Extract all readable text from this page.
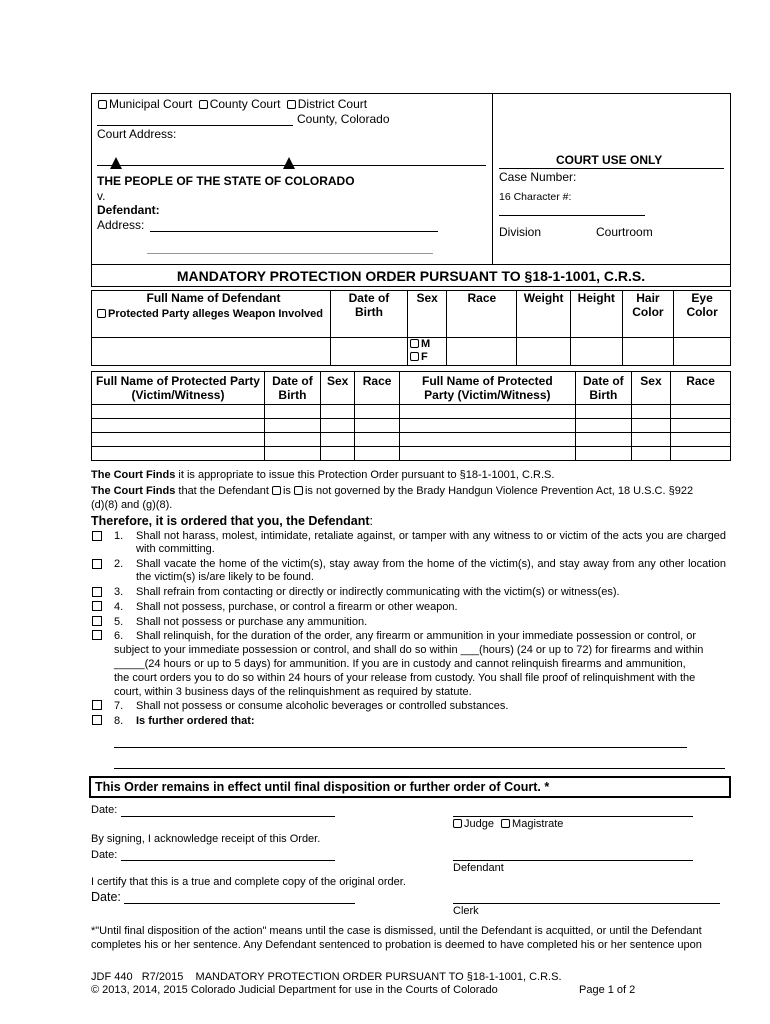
Municipal Court County Court District Court
County, Colorado
Court Address:
THE PEOPLE OF THE STATE OF COLORADO
v.
Defendant:
Address:
COURT USE ONLY
Case Number:
16 Character #:
Division	Courtroom
MANDATORY PROTECTION ORDER PURSUANT TO §18-1-1001, C.R.S.
Full Name of Defendant
Protected Party alleges Weapon Involved	Date of Birth	Sex	Race	Weight	Height	Hair Color	Eye Color

		M
F					

Full Name of Protected Party (Victim/Witness)	Date of Birth	Sex	Race	Full Name of Protected Party (Victim/Witness)	Date of Birth	Sex	Race

The Court Finds it is appropriate to issue this Protection Order pursuant to §18-1-1001, C.R.S.
The Court Finds that the Defendant is is not governed by the Brady Handgun Violence Prevention Act, 18 U.S.C. §922
(d)(8) and (g)(8).
Therefore, it is ordered that you, the Defendant:
1. Shall not harass, molest, intimidate, retaliate against, or tamper with any witness to or victim of the acts you are charged with committing.
2. Shall vacate the home of the victim(s), stay away from the home of the victim(s), and stay away from any other location the victim(s) is/are likely to be found.
3. Shall refrain from contacting or directly or indirectly communicating with the victim(s) or witness(es).
4. Shall not possess, purchase, or control a firearm or other weapon.
5. Shall not possess or purchase any ammunition.
6. Shall relinquish, for the duration of the order, any firearm or ammunition in your immediate possession or control, or
subject to your immediate possession or control, and shall do so within ___(hours) (24 or up to 72) for firearms and within
_____(24 hours or up to 5 days) for ammunition. If you are in custody and cannot relinquish firearms and ammunition,
the court orders you to do so within 24 hours of your release from custody. You shall file proof of relinquishment with the
court, within 3 business days of the relinquishment as required by statute.
7. Shall not possess or consume alcoholic beverages or controlled substances.
8. Is further ordered that:
This Order remains in effect until final disposition or further order of Court. *
Date:
Judge Magistrate
By signing, I acknowledge receipt of this Order.
Date:
Defendant
I certify that this is a true and complete copy of the original order.
Date:
Clerk
*"Until final disposition of the action" means until the case is dismissed, until the Defendant is acquitted, or until the Defendant
completes his or her sentence. Any Defendant sentenced to probation is deemed to have completed his or her sentence upon
JDF 440   R7/2015    MANDATORY PROTECTION ORDER PURSUANT TO §18-1-1001, C.R.S.
© 2013, 2014, 2015 Colorado Judicial Department for use in the Courts of Colorado	Page 1 of 2
